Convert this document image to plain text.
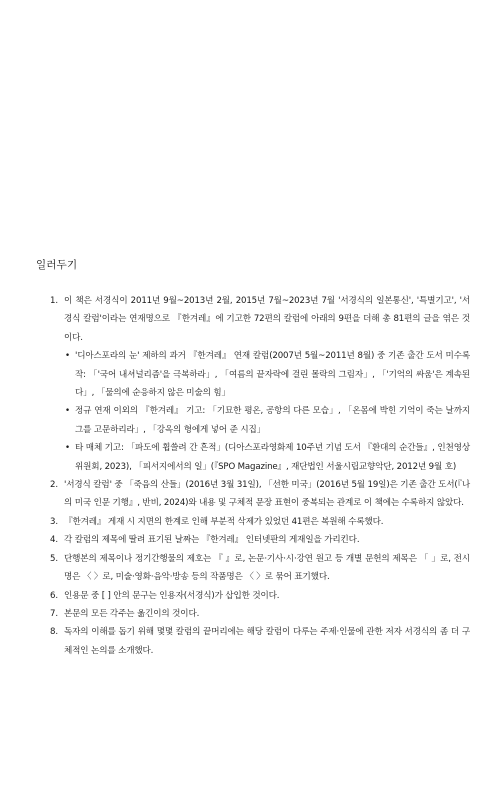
일러두기
1. 이 책은 서경식이 2011년 9월~2013년 2월, 2015년 7월~2023년 7월 '서경식의 일본통신', '특별기고', '서경식 칼럼'이라는 연재명으로 『한겨레』에 기고한 72편의 칼럼에 아래의 9편을 더해 총 81편의 글을 엮은 것이다.
• '디아스포라의 눈' 제하의 과거 『한겨레』 연재 칼럼(2007년 5월~2011년 8월) 중 기존 출간 도서 미수록작: 「'국어 내셔널리즘'을 극복하라」, 「여름의 끝자락에 걸린 몰락의 그림자」, 「'기억의 싸움'은 계속된다」, 「물의에 순응하지 않은 미술의 힘」
• 정규 연재 이외의 『한겨레』 기고: 「기묘한 평온, 공항의 다른 모습」, 「온몸에 박힌 기억이 죽는 날까지 그를 고문하리라」, 「강옥의 형에게 넣어 준 시집」
• 타 매체 기고: 「파도에 휩쓸려 간 흔적」(디아스포라영화제 10주년 기념 도서 『환대의 순간들』, 인천영상위원회, 2023), 「피서지에서의 일」(『SPO Magazine』, 재단법인 서울시립교향악단, 2012년 9월 호)
2. '서경식 칼럼' 중 「죽음의 산들」(2016년 3월 31일), 「선한 미국」(2016년 5월 19일)은 기존 출간 도서(『나의 미국 인문 기행』, 반비, 2024)와 내용 및 구체적 문장 표현이 중복되는 관계로 이 책에는 수록하지 않았다.
3. 『한겨레』 게재 시 지면의 한계로 인해 부분적 삭제가 있었던 41편은 복원해 수록했다.
4. 각 칼럼의 제목에 딸려 표기된 날짜는 『한겨레』 인터넷판의 게재일을 가리킨다.
5. 단행본의 제목이나 정기간행물의 제호는 『 』로, 논문·기사·시·강연 원고 등 개별 문헌의 제목은 「 」로, 전시명은 〈 〉로, 미술·영화·음악·방송 등의 작품명은 〈 〉로 묶어 표기했다.
6. 인용문 중 [ ] 안의 문구는 인용자(서경식)가 삽입한 것이다.
7. 본문의 모든 각주는 옮긴이의 것이다.
8. 독자의 이해를 돕기 위해 몇몇 칼럼의 끝머리에는 해당 칼럼이 다루는 주제·인물에 관한 저자 서경식의 좀 더 구체적인 논의를 소개했다.
